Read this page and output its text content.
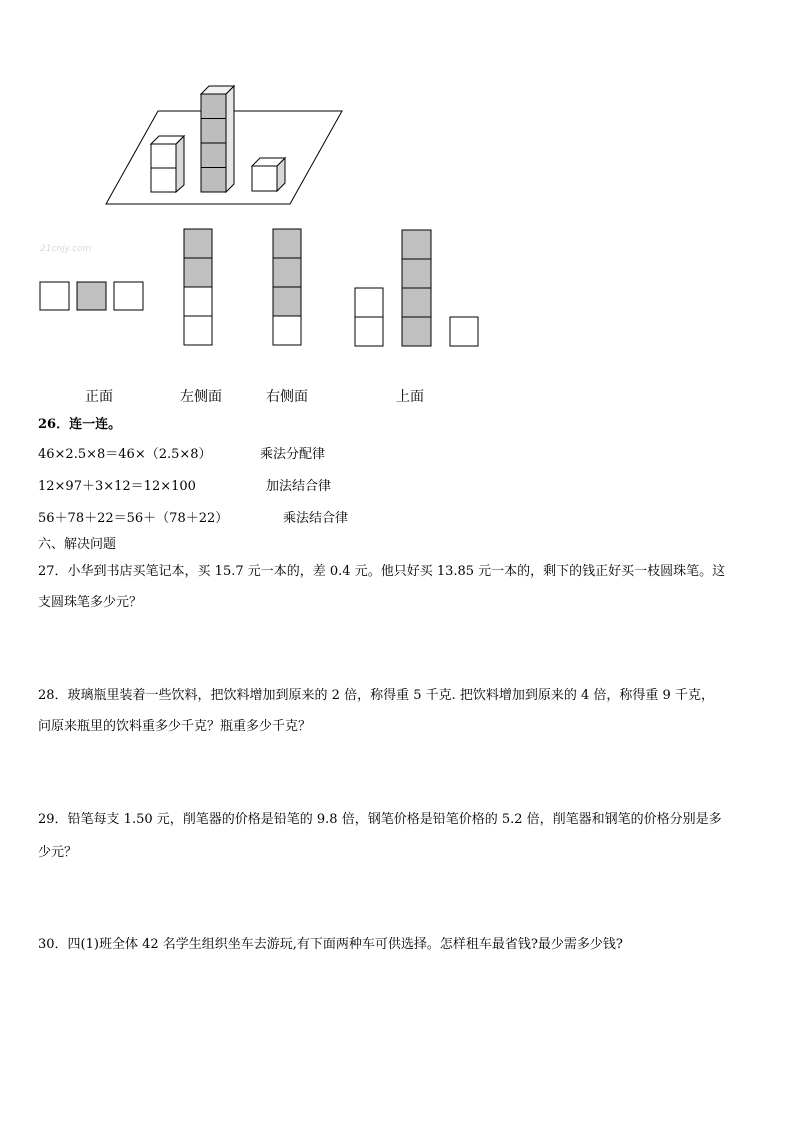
21cnjy.com
正面	左侧面	右侧面	上面
26．连一连。
46×2.5×8＝46×（2.5×8）
12×97＋3×12＝12×100
56＋78＋22＝56＋（78＋22）
乘法分配律
加法结合律
乘法结合律
六、解决问题
27．小华到书店买笔记本，买 15.7 元一本的，差 0.4 元。他只好买 13.85 元一本的，剩下的钱正好买一枝圆珠笔。这
支圆珠笔多少元？
28．玻璃瓶里装着一些饮料，把饮料增加到原来的 2 倍，称得重 5 千克. 把饮料增加到原来的 4 倍，称得重 9 千克，
问原来瓶里的饮料重多少千克？瓶重多少千克？
29．铅笔每支 1.50 元，削笔器的价格是铅笔的 9.8 倍，钢笔价格是铅笔价格的 5.2 倍，削笔器和钢笔的价格分别是多
少元？
30．四(1)班全体 42 名学生组织坐车去游玩,有下面两种车可供选择。怎样租车最省钱?最少需多少钱?
